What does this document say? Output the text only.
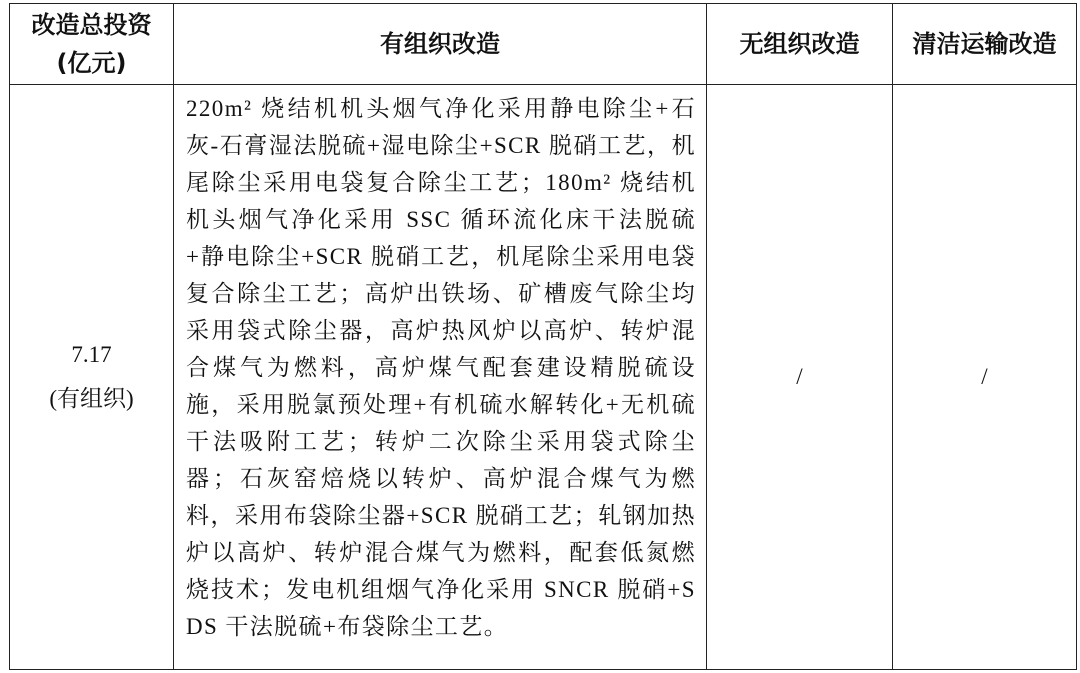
改造总投资
(亿元)	有组织改造	无组织改造	清洁运输改造
7.17
(有组织)	220m² 烧结机机头烟气净化采用静电除尘+石灰-石膏湿法脱硫+湿电除尘+SCR 脱硝工艺，机尾除尘采用电袋复合除尘工艺；180m² 烧结机机头烟气净化采用 SSC 循环流化床干法脱硫+静电除尘+SCR 脱硝工艺，机尾除尘采用电袋复合除尘工艺；高炉出铁场、矿槽废气除尘均采用袋式除尘器，高炉热风炉以高炉、转炉混合煤气为燃料，高炉煤气配套建设精脱硫设施，采用脱氯预处理+有机硫水解转化+无机硫干法吸附工艺；转炉二次除尘采用袋式除尘器；石灰窑焙烧以转炉、高炉混合煤气为燃料，采用布袋除尘器+SCR 脱硝工艺；轧钢加热炉以高炉、转炉混合煤气为燃料，配套低氮燃烧技术；发电机组烟气净化采用 SNCR 脱硝+SDS 干法脱硫+布袋除尘工艺。	/	/
